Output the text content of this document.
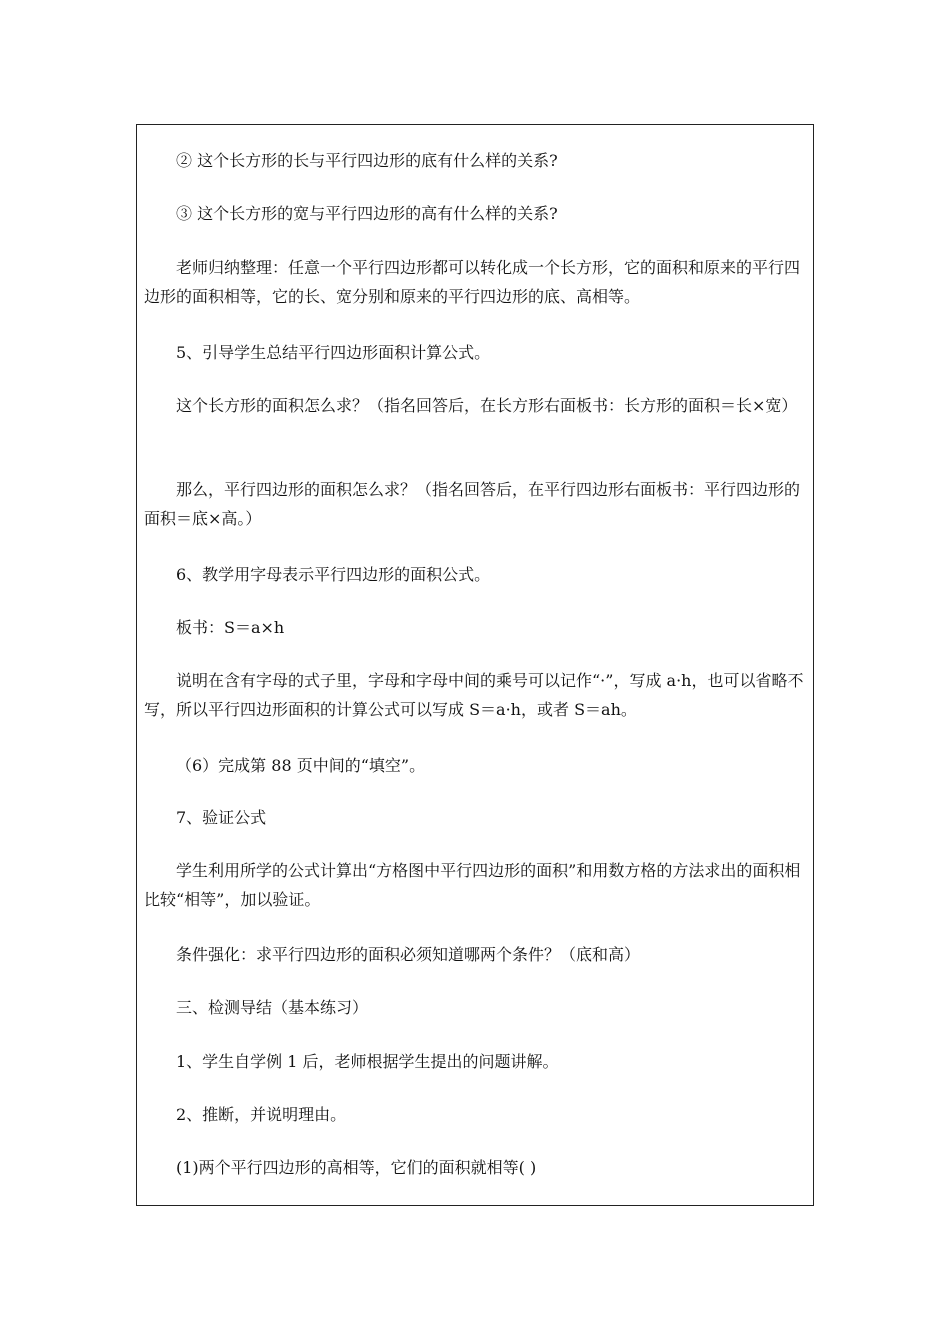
② 这个长方形的长与平行四边形的底有什么样的关系?

③ 这个长方形的宽与平行四边形的高有什么样的关系?

老师归纳整理：任意一个平行四边形都可以转化成一个长方形，它的面积和原来的平行四边形的面积相等，它的长、宽分别和原来的平行四边形的底、高相等。

5、引导学生总结平行四边形面积计算公式。

这个长方形的面积怎么求？（指名回答后，在长方形右面板书：长方形的面积＝长×宽）

那么，平行四边形的面积怎么求？（指名回答后，在平行四边形右面板书：平行四边形的面积＝底×高。）

6、教学用字母表示平行四边形的面积公式。

板书：S＝a×h

说明在含有字母的式子里，字母和字母中间的乘号可以记作“·”，写成 a·h，也可以省略不写，所以平行四边形面积的计算公式可以写成 S＝a·h，或者 S＝ah。

（6）完成第 88 页中间的“填空”。

7、验证公式

学生利用所学的公式计算出“方格图中平行四边形的面积”和用数方格的方法求出的面积相比较“相等”，加以验证。

条件强化：求平行四边形的面积必须知道哪两个条件？（底和高）

三、检测导结（基本练习）

1、学生自学例 1 后，老师根据学生提出的问题讲解。

2、推断，并说明理由。

(1)两个平行四边形的高相等，它们的面积就相等( )
